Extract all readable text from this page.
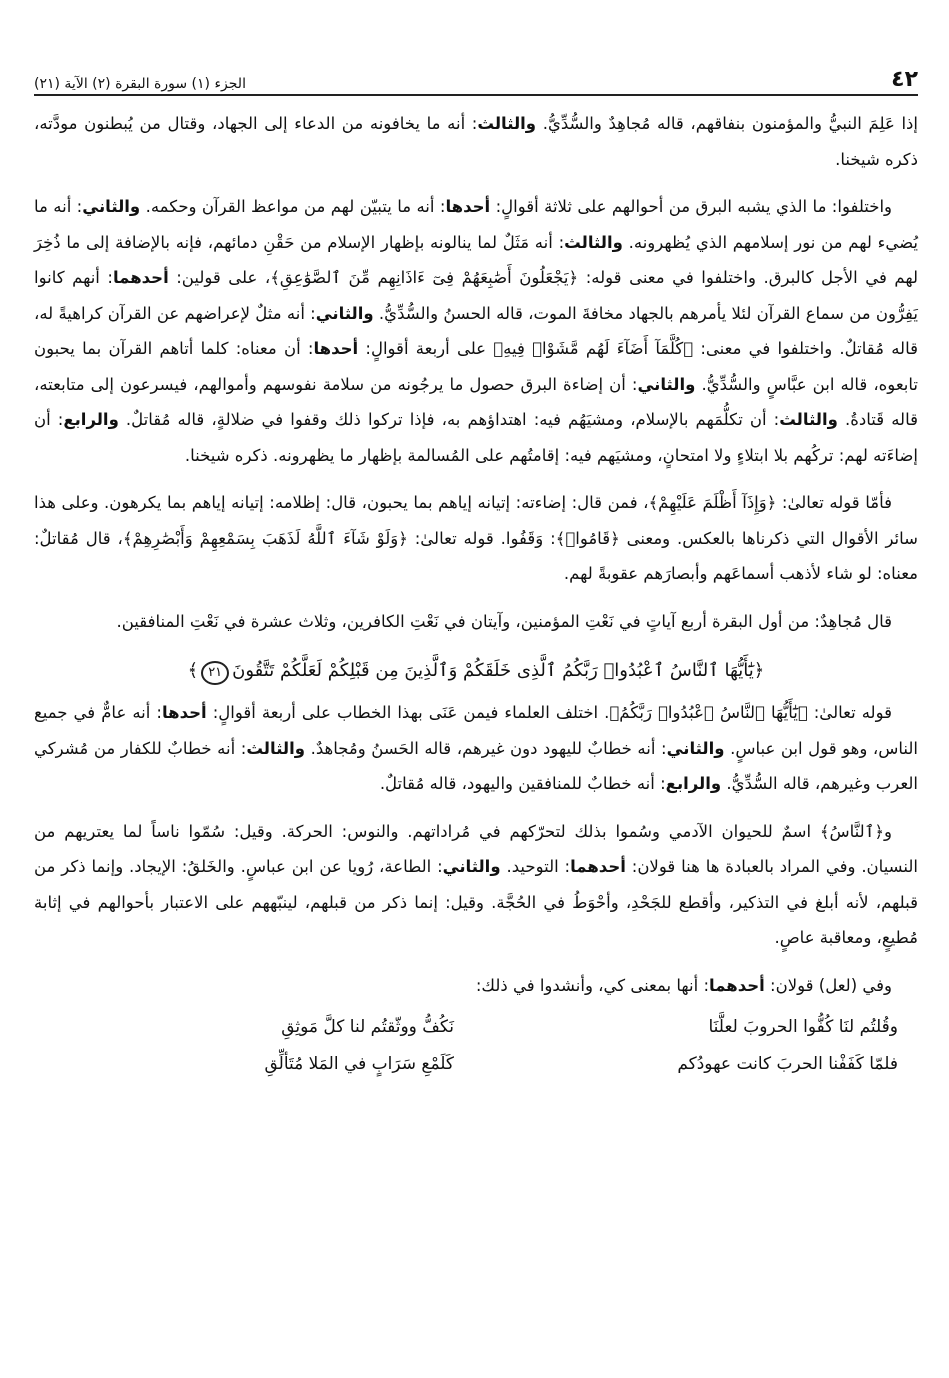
٤٢
الجزء (١) سورة البقرة (٢) الآية (٢١)

إذا عَلِمَ النبيُّ والمؤمنون بنفاقهم، قاله مُجاهِدٌ والسُّدِّيُّ. والثالث: أنه ما يخافونه من الدعاء إلى الجهاد، وقتال من يُبطنون مودَّته، ذكره شيخنا.

واختلفوا: ما الذي يشبه البرق من أحوالهم على ثلاثة أقوالٍ: أحدها: أنه ما يتبيّن لهم من مواعظ القرآن وحكمه. والثاني: أنه ما يُضيء لهم من نور إسلامهم الذي يُظهرونه. والثالث: أنه مَثَلٌ لما ينالونه بإظهار الإسلام من حَقْنِ دمائهم، فإنه بالإضافة إلى ما ذُخِرَ لهم في الأجل كالبرق. واختلفوا في معنى قوله: ﴿يَجْعَلُونَ أَصَٰبِعَهُمْ فِىٓ ءَاذَانِهِم مِّنَ ٱلصَّوَٰعِقِ﴾، على قولين: أحدهما: أنهم كانوا يَفِرُّون من سماع القرآن لئلا يأمرهم بالجهاد مخافةَ الموت، قاله الحسنُ والسُّدِّيُّ. والثاني: أنه مثلٌ لإعراضهم عن القرآن كراهيةً له، قاله مُقاتلٌ. واختلفوا في معنى: ﴿كُلَّمَآ أَضَآءَ لَهُم مَّشَوْا۟ فِيهِ﴾ على أربعة أقوالٍ: أحدها: أن معناه: كلما أتاهم القرآن بما يحبون تابعوه، قاله ابن عبَّاسٍ والسُّدِّيُّ. والثاني: أن إضاءة البرق حصول ما يرجُونه من سلامة نفوسهم وأموالهم، فيسرعون إلى متابعته، قاله قَتادةُ. والثالث: أن تكلُّمَهم بالإسلام، ومشيَهُم فيه: اهتداؤهم به، فإذا تركوا ذلك وقفوا في ضلالةٍ، قاله مُقاتلٌ. والرابع: أن إضاءَته لهم: تركُهم بلا ابتلاءٍ ولا امتحانٍ، ومشيَهم فيه: إقامتُهم على المُسالمة بإظهار ما يظهرونه. ذكره شيخنا.

فأمّا قوله تعالىٰ: ﴿وَإِذَآ أَظْلَمَ عَلَيْهِمْ﴾، فمن قال: إضاءته: إتيانه إياهم بما يحبون، قال: إظلامه: إتيانه إياهم بما يكرهون. وعلى هذا سائر الأقوال التي ذكرناها بالعكس. ومعنى ﴿قَامُوا۟﴾: وَقَفُوا. قوله تعالىٰ: ﴿وَلَوْ شَآءَ ٱللَّهُ لَذَهَبَ بِسَمْعِهِمْ وَأَبْصَٰرِهِمْ﴾، قال مُقاتلٌ: معناه: لو شاء لأذهب أسماعَهم وأبصارَهم عقوبةً لهم.

قال مُجاهِدٌ: من أول البقرة أربع آياتٍ في نَعْتِ المؤمنين، وآيتان في نَعْتِ الكافرين، وثلاث عشرة في نَعْتِ المنافقين.

﴿يَٰٓأَيُّهَا ٱلنَّاسُ ٱعْبُدُوا۟ رَبَّكُمُ ٱلَّذِى خَلَقَكُمْ وَٱلَّذِينَ مِن قَبْلِكُمْ لَعَلَّكُمْ تَتَّقُونَ٢١﴾

قوله تعالىٰ: ﴿يَٰٓأَيُّهَا ٱلنَّاسُ ٱعْبُدُوا۟ رَبَّكُمُ﴾. اختلف العلماء فيمن عَنَى بهذا الخطاب على أربعة أقوالٍ: أحدها: أنه عامٌّ في جميع الناس، وهو قول ابن عباسٍ. والثاني: أنه خطابٌ لليهود دون غيرهم، قاله الحَسنُ ومُجاهدٌ. والثالث: أنه خطابٌ للكفار من مُشركي العرب وغيرهم، قاله السُّدِّيُّ. والرابع: أنه خطابٌ للمنافقين واليهود، قاله مُقاتلٌ.

و﴿ٱلنَّاسُ﴾ اسمٌ للحيوان الآدمي وسُموا بذلك لتحرّكهم في مُراداتهم. والنوس: الحركة. وقيل: سُمّوا ناساً لما يعتريهم من النسيان. وفي المراد بالعبادة ها هنا قولان: أحدهما: التوحيد. والثاني: الطاعة، رُويا عن ابن عباسٍ. والخَلقُ: الإيجاد. وإنما ذكر من قبلهم، لأنه أبلغ في التذكير، وأقطع للجَحْدِ، وأحْوَطُ في الحُجَّة. وقيل: إنما ذكر من قبلهم، لينبّههم على الاعتبار بأحوالهم في إثابة مُطيعٍ، ومعاقبة عاصٍ.

وفي (لعل) قولان: أحدهما: أنها بمعنى كي، وأنشدوا في ذلك:

وقُلتُم لنَا كُفُّوا الحروبَ لعلَّنَا
نَكُفُّ ووثّقتُم لنا كلَّ مَوثِقِ
فلمّا كَفَفْنا الحربَ كانت عهودُكم
كَلَمْعِ سَرَابٍ في المَلا مُتَألِّقِ
